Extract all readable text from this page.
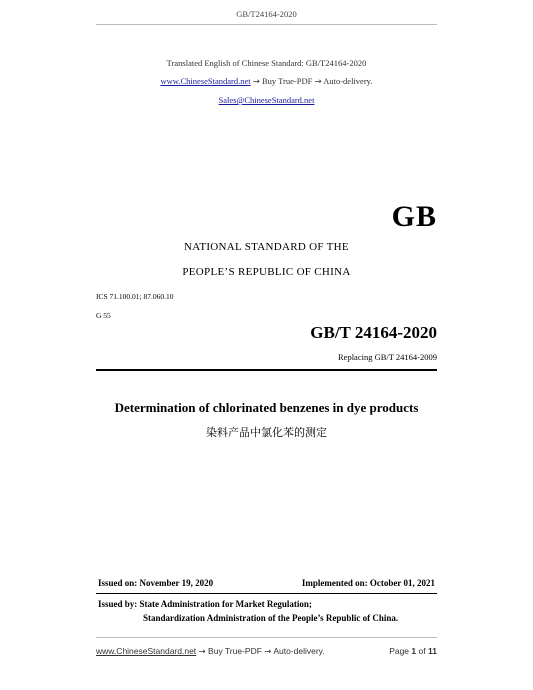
GB/T24164-2020
Translated English of Chinese Standard: GB/T24164-2020
www.ChineseStandard.net → Buy True-PDF → Auto-delivery.
Sales@ChineseStandard.net
GB
NATIONAL STANDARD OF THE
PEOPLE’S REPUBLIC OF CHINA
ICS 71.100.01; 87.060.10
G 55
GB/T 24164-2020
Replacing GB/T 24164-2009
Determination of chlorinated benzenes in dye products
染料产品中氯化苯的测定
Issued on: November 19, 2020	Implemented on: October 01, 2021
Issued by: State Administration for Market Regulation;
Standardization Administration of the People’s Republic of China.
www.ChineseStandard.net → Buy True-PDF → Auto-delivery.	Page 1 of 11
